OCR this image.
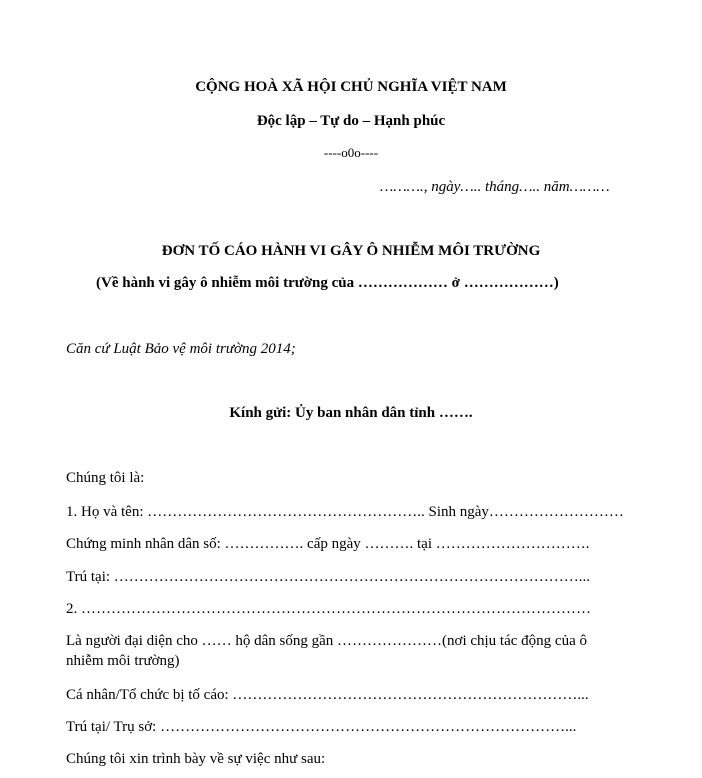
CỘNG HOÀ XÃ HỘI CHỦ NGHĨA VIỆT NAM
Độc lập – Tự do – Hạnh phúc
----o0o----
………., ngày….. tháng….. năm………
ĐƠN TỐ CÁO HÀNH VI GÂY Ô NHIỄM MÔI TRƯỜNG
(Về hành vi gây ô nhiễm môi trường của ……………… ở ………………)
Căn cứ Luật Bảo vệ môi trường 2014;
Kính gửi: Ủy ban nhân dân tỉnh …….
Chúng tôi là:
1. Họ và tên: ……………………………………………….. Sinh ngày………………………
Chứng minh nhân dân số: ……………. cấp ngày ………. tại ………………………….
Trú tại: …………………………………………………………………………………...
2. …………………………………………………………………………………………
Là người đại diện cho …… hộ dân sống gần …………………(nơi chịu tác động của ô
nhiễm môi trường)
Cá nhân/Tổ chức bị tố cáo: ……………………………………………………………...
Trú tại/ Trụ sở: ………………………………………………………………………...
Chúng tôi xin trình bày về sự việc như sau:
